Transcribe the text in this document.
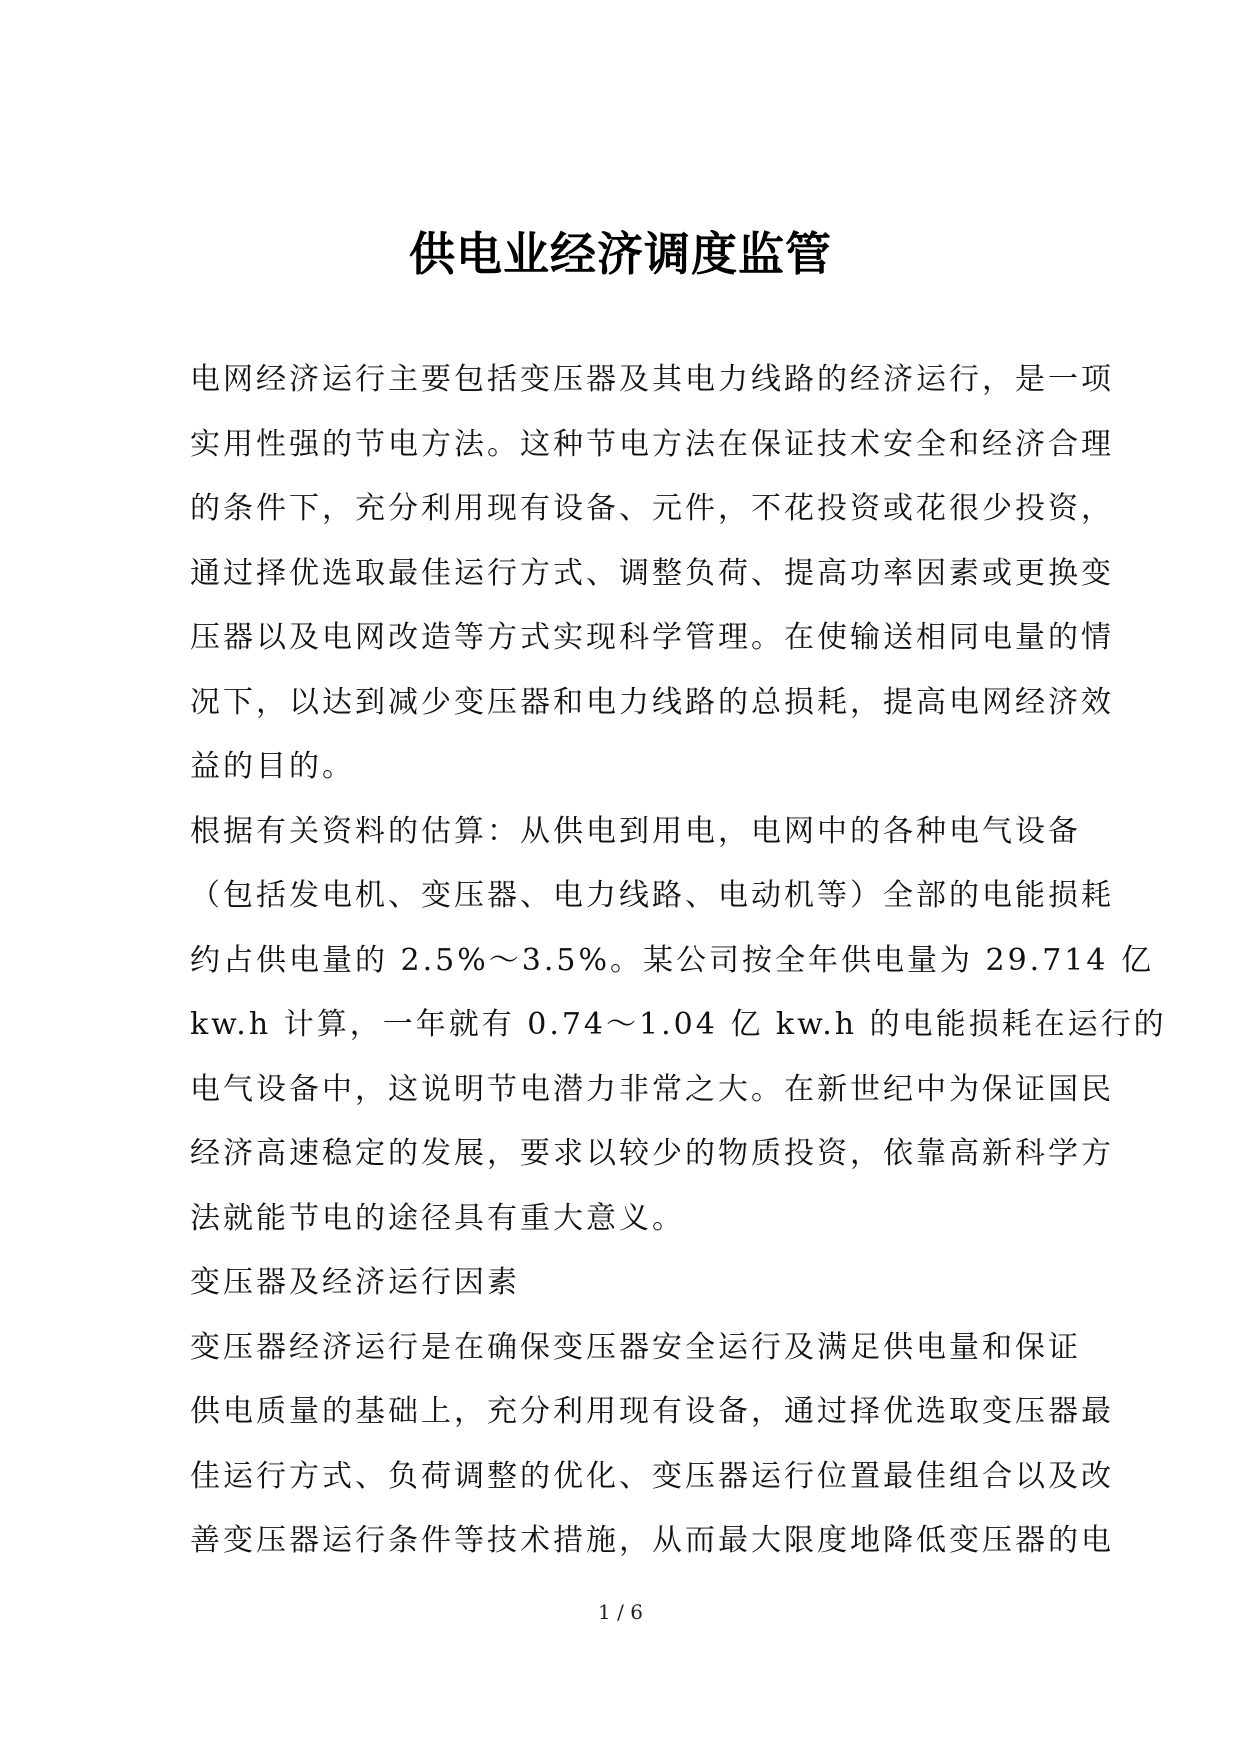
供电业经济调度监管

电网经济运行主要包括变压器及其电力线路的经济运行，是一项

实用性强的节电方法。这种节电方法在保证技术安全和经济合理

的条件下，充分利用现有设备、元件，不花投资或花很少投资，

通过择优选取最佳运行方式、调整负荷、提高功率因素或更换变

压器以及电网改造等方式实现科学管理。在使输送相同电量的情

况下，以达到减少变压器和电力线路的总损耗，提高电网经济效

益的目的。

根据有关资料的估算：从供电到用电，电网中的各种电气设备

（包括发电机、变压器、电力线路、电动机等）全部的电能损耗

约占供电量的 2.5%～3.5%。某公司按全年供电量为 29.714 亿

kw.h 计算，一年就有 0.74～1.04 亿 kw.h 的电能损耗在运行的

电气设备中，这说明节电潜力非常之大。在新世纪中为保证国民

经济高速稳定的发展，要求以较少的物质投资，依靠高新科学方

法就能节电的途径具有重大意义。

变压器及经济运行因素

变压器经济运行是在确保变压器安全运行及满足供电量和保证

供电质量的基础上，充分利用现有设备，通过择优选取变压器最

佳运行方式、负荷调整的优化、变压器运行位置最佳组合以及改

善变压器运行条件等技术措施，从而最大限度地降低变压器的电

1 / 6
